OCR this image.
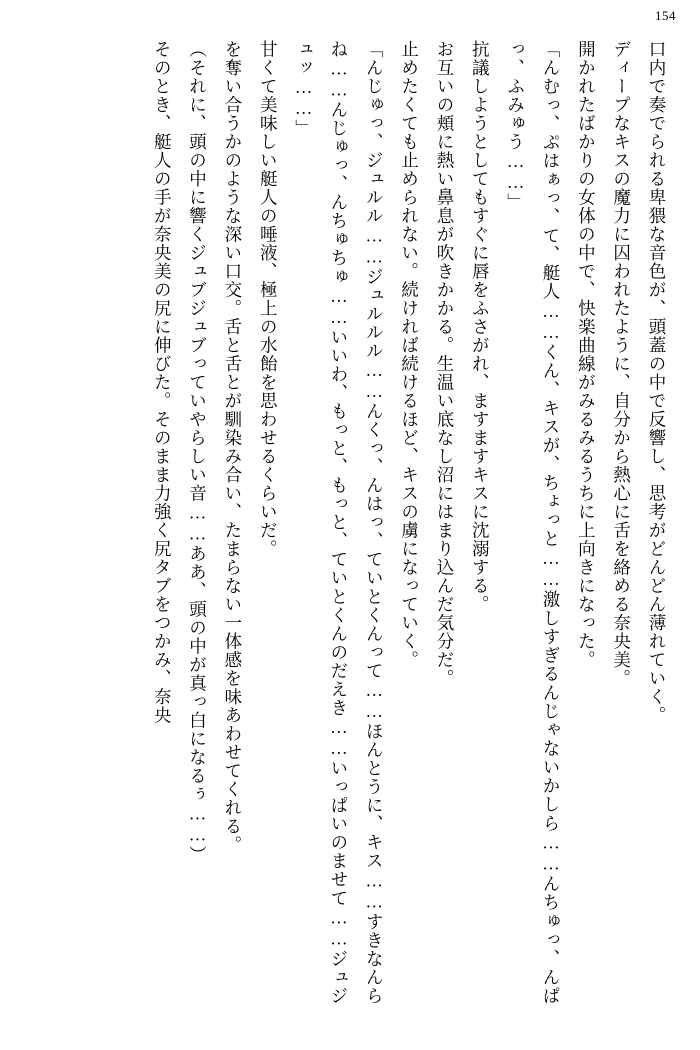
154

口内で奏でられる卑猥な音色が、頭蓋の中で反響し、思考がどんどん薄れていく。

ディープなキスの魔力に囚われたように、自分から熱心に舌を絡める奈央美。

開かれたばかりの女体の中で、快楽曲線がみるみるうちに上向きになった。

「んむっ、ぷはぁっ、て、艇人……くん、キスが、ちょっと……激しすぎるんじゃないかしら……んちゅっ、んぱっ、ふみゅう……」

抗議しようとしてもすぐに唇をふさがれ、ますますキスに沈溺する。

お互いの頬に熱い鼻息が吹きかかる。生温い底なし沼にはまり込んだ気分だ。

止めたくても止められない。続ければ続けるほど、キスの虜になっていく。

「んじゅっ、ジュルル……ジュルルル……んくっ、んはっ、ていとくんって……ほんとうに、キス……すきなんらね……んじゅっ、んちゅちゅ……いいわ、もっと、もっと、ていとくんのだえき……いっぱいのませて……ジュジュッ……」

甘くて美味しい艇人の唾液、極上の水飴を思わせるくらいだ。

を奪い合うかのような深い口交。舌と舌とが馴染み合い、たまらない一体感を味あわせてくれる。

（それに、頭の中に響くジュブジュブっていやらしい音……ああ、頭の中が真っ白になるぅ……）

そのとき、艇人の手が奈央美の尻に伸びた。そのまま力強く尻タブをつかみ、奈央
